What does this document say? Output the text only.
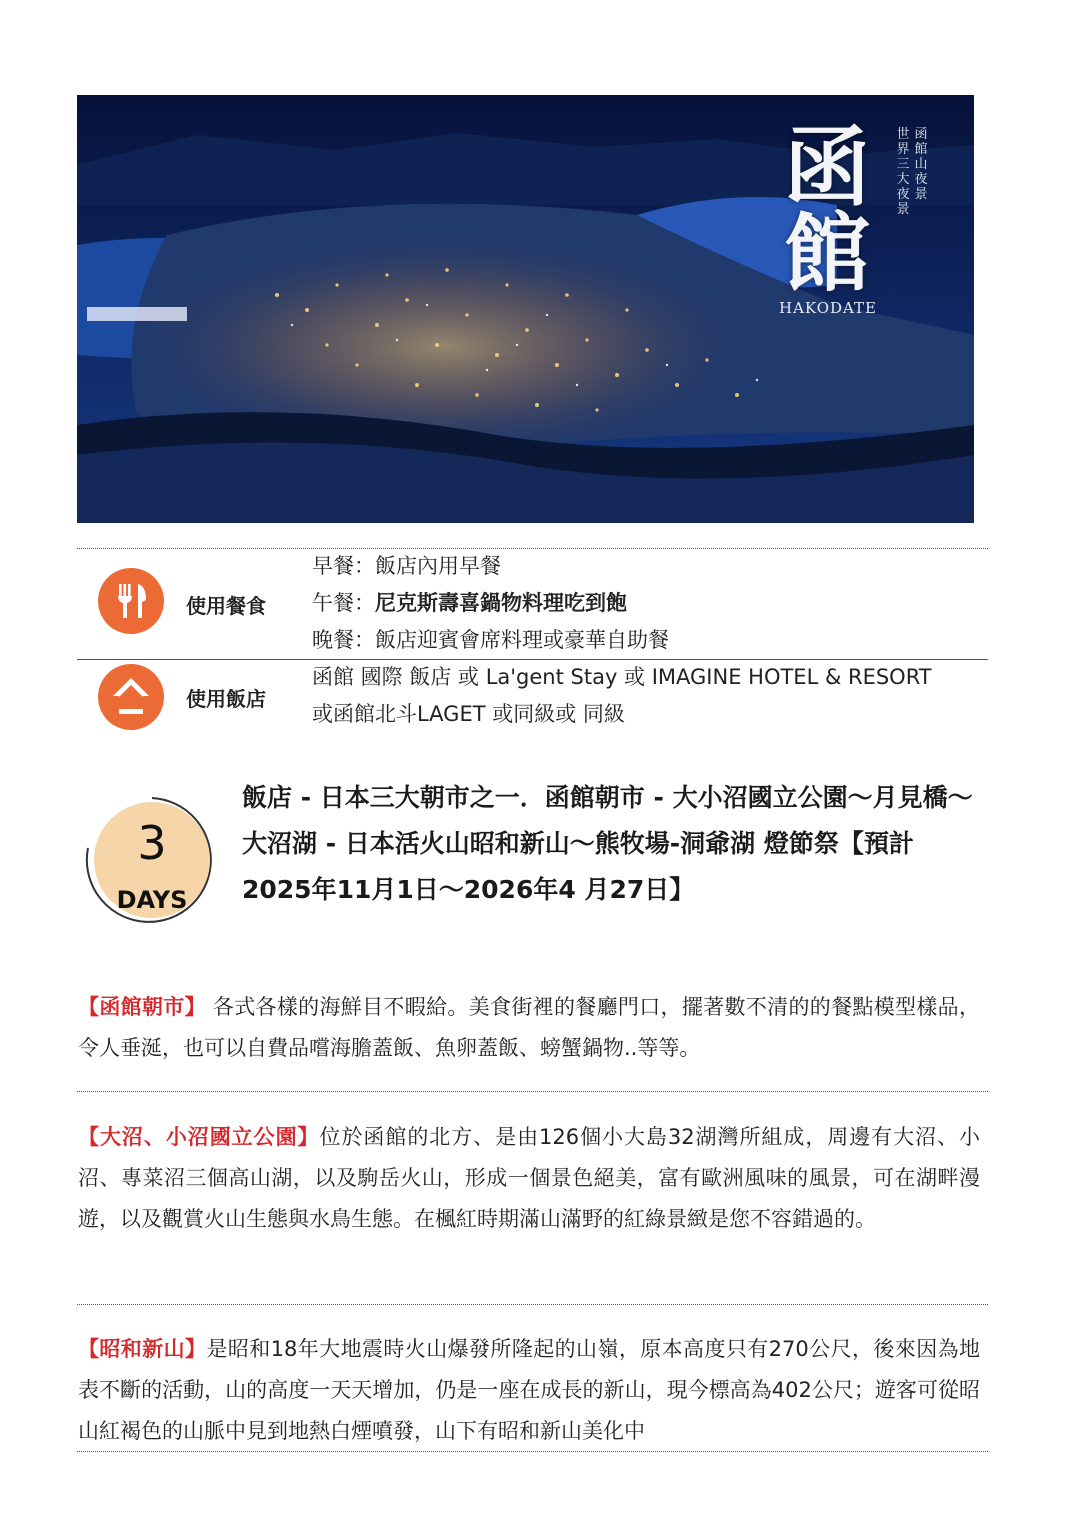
函
館
HAKODATE
世界三大夜景
函館山夜景
使用餐食
早餐：飯店內用早餐
午餐：尼克斯壽喜鍋物料理吃到飽
晚餐：飯店迎賓會席料理或豪華自助餐
使用飯店
函館 國際 飯店 或 La'gent Stay 或 IMAGINE HOTEL & RESORT
或函館北斗LAGET 或同級或 同級
3
DAYS
飯店 - 日本三大朝市之一．函館朝市 - 大小沼國立公園～月見橋～大沼湖 - 日本活火山昭和新山～熊牧場-洞爺湖 燈節祭【預計2025年11月1日～2026年4 月27日】
【函館朝市】 各式各樣的海鮮目不暇給。美食街裡的餐廳門口，擺著數不清的的餐點模型樣品，令人垂涎，也可以自費品嚐海膽蓋飯、魚卵蓋飯、螃蟹鍋物..等等。
【大沼、小沼國立公園】位於函館的北方、是由126個小大島32湖灣所組成，周邊有大沼、小沼、專菜沼三個高山湖，以及駒岳火山，形成一個景色絕美，富有歐洲風味的風景，可在湖畔漫遊，以及觀賞火山生態與水鳥生態。在楓紅時期滿山滿野的紅綠景緻是您不容錯過的。
【昭和新山】是昭和18年大地震時火山爆發所隆起的山嶺，原本高度只有270公尺，後來因為地表不斷的活動，山的高度一天天增加，仍是一座在成長的新山，現今標高為402公尺；遊客可從昭山紅褐色的山脈中見到地熱白煙噴發，山下有昭和新山美化中
